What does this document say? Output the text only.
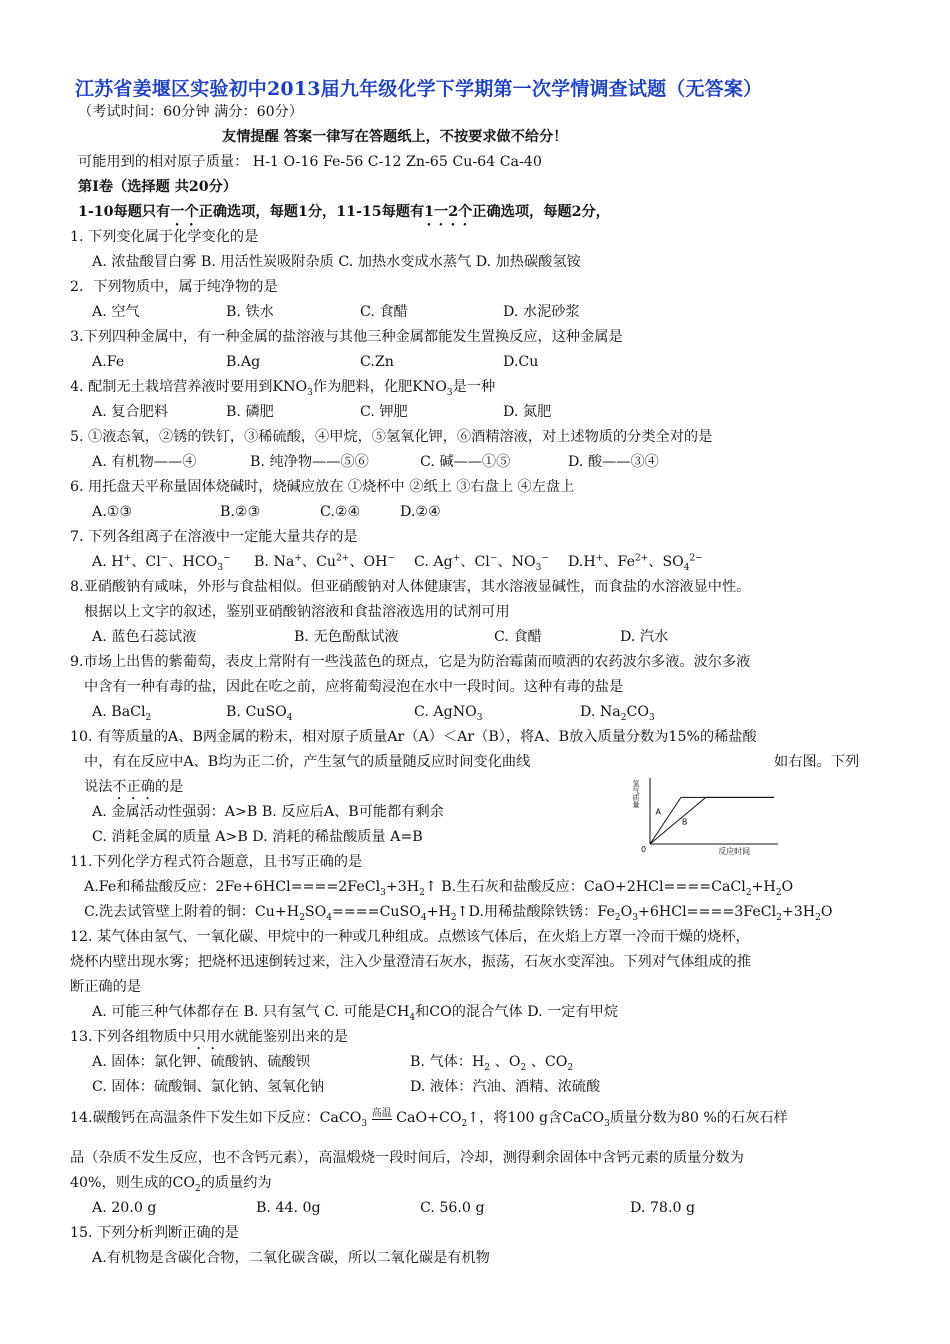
江苏省姜堰区实验初中2013届九年级化学下学期第一次学情调查试题（无答案）
（考试时间：60分钟 满分：60分）
友情提醒 答案一律写在答题纸上，不按要求做不给分！
可能用到的相对原子质量： H-1 O-16 Fe-56 C-12 Zn-65 Cu-64 Ca-40
第Ⅰ卷（选择题 共20分）
1-10每题只有一个正确选项，每题1分，11-15每题有1一2个正确选项，每题2分，
1. 下列变化属于化学变化的是
A. 浓盐酸冒白雾 B. 用活性炭吸附杂质 C. 加热水变成水蒸气 D. 加热碳酸氢铵
2．下列物质中，属于纯净物的是
A. 空气	B. 铁水	C. 食醋	D. 水泥砂浆
3.下列四种金属中，有一种金属的盐溶液与其他三种金属都能发生置换反应，这种金属是
A.Fe	B.Ag	C.Zn	D.Cu
4. 配制无土栽培营养液时要用到$KNO_3$作为肥料，化肥$KNO_3$是一种
A. 复合肥料	B. 磷肥	C. 钾肥	D. 氮肥
5. ①液态氧，②锈的铁钉，③稀硫酸，④甲烷，⑤氢氧化钾，⑥酒精溶液，对上述物质的分类全对的是
A. 有机物——④	B. 纯净物——⑤⑥	C. 碱——①⑤	D. 酸——③④
6. 用托盘天平称量固体烧碱时，烧碱应放在 ①烧杯中 ②纸上 ③右盘上 ④左盘上
A.①③	B.②③	C.②④	D.②④
7. 下列各组离子在溶液中一定能大量共存的是
A. H+、Cl−、$HCO_3^-$ B. Na+、$Cu^{2+}$、OH− C. Ag+、Cl−、$NO_3^-$ D.H+、$Fe^{2+}$、$SO_4^{2-}$
8.亚硝酸钠有咸味，外形与食盐相似。但亚硝酸钠对人体健康害，其水溶液显碱性，而食盐的水溶液显中性。
根据以上文字的叙述，鉴别亚硝酸钠溶液和食盐溶液选用的试剂可用
A. 蓝色石蕊试液	B. 无色酚酞试液	C. 食醋	D. 汽水
9.市场上出售的紫葡萄，表皮上常附有一些浅蓝色的斑点，它是为防治霉菌而喷洒的农药波尔多液。波尔多液
中含有一种有毒的盐，因此在吃之前，应将葡萄浸泡在水中一段时间。这种有毒的盐是
A. BaCl$_2$	B. CuSO$_4$	C. AgNO$_3$	D. $Na_2CO_3$
10. 有等质量的A、B两金属的粉末，相对原子质量Ar（A）＜Ar（B），将A、B放入质量分数为15%的稀盐酸
中，有在反应中A、B均为正二价，产生氢气的质量随反应时间变化曲线	如右图。下列
说法不正确的是
A. 金属活动性强弱：A>B B. 反应后A、B可能都有剩余
C. 消耗金属的质量 A>B D. 消耗的稀盐酸质量 A=B
氢气质量
反应时间
0
A
B
11.下列化学方程式符合题意，且书写正确的是
A.Fe和稀盐酸反应：$2Fe+6HCl====2FeCl_3+3H_2↑$ B.生石灰和盐酸反应：$CaO+2HCl====CaCl_2+H_2O$
C.洗去试管壁上附着的铜：$Cu+H_2SO_4====CuSO_4+H_2↑D$.用稀盐酸除铁锈：$Fe_2O_3+6HCl====3FeCl_2+3H_2O$
12. 某气体由氢气、一氧化碳、甲烷中的一种或几种组成。点燃该气体后，在火焰上方罩一冷而干燥的烧杯，
烧杯内壁出现水雾；把烧杯迅速倒转过来，注入少量澄清石灰水，振荡，石灰水变浑浊。下列对气体组成的推
断正确的是
A. 可能三种气体都存在 B. 只有氢气 C. 可能是$CH_4$和CO的混合气体 D. 一定有甲烷
13.下列各组物质中只用水就能鉴别出来的是
A. 固体：氯化钾、硫酸钠、硫酸钡	B. 气体：$H_2$ 、$O_2$ 、$CO_2$
C. 固体：硫酸铜、氯化钠、氢氧化钠	D. 液体：汽油、酒精、浓硫酸
14.碳酸钙在高温条件下发生如下反应：CaCO$_3$ $^{高温}$ $CaO+CO_2↑$，将100 g含CaCO$_3$质量分数为80 %的石灰石样
品（杂质不发生反应，也不含钙元素），高温煅烧一段时间后，冷却，测得剩余固体中含钙元素的质量分数为
40%，则生成的$CO_2$的质量约为
A. 20.0 g	B. 44. 0g	C. 56.0 g	D. 78.0 g
15. 下列分析判断正确的是
A.有机物是含碳化合物，二氧化碳含碳，所以二氧化碳是有机物
